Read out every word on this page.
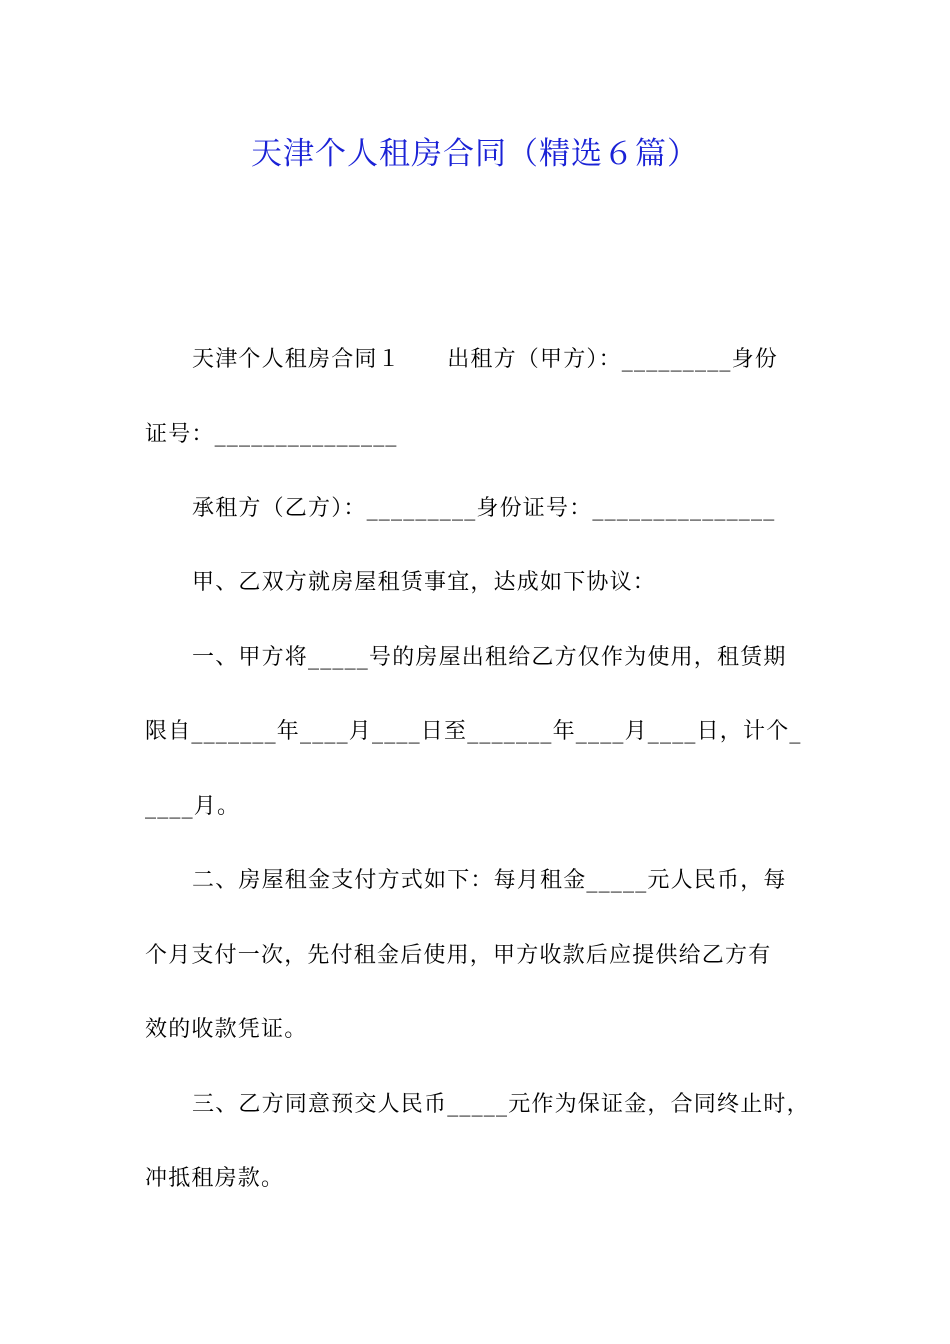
天津个人租房合同（精选６篇）
天津个人租房合同１　　出租方（甲方）：_________身份
证号：_______________
承租方（乙方）：_________身份证号：_______________
甲、乙双方就房屋租赁事宜，达成如下协议：
一、甲方将_____号的房屋出租给乙方仅作为使用，租赁期
限自_______年____月____日至_______年____月____日，计个_
____月。
二、房屋租金支付方式如下：每月租金_____元人民币，每
个月支付一次，先付租金后使用，甲方收款后应提供给乙方有
效的收款凭证。
三、乙方同意预交人民币_____元作为保证金，合同终止时，
冲抵租房款。
